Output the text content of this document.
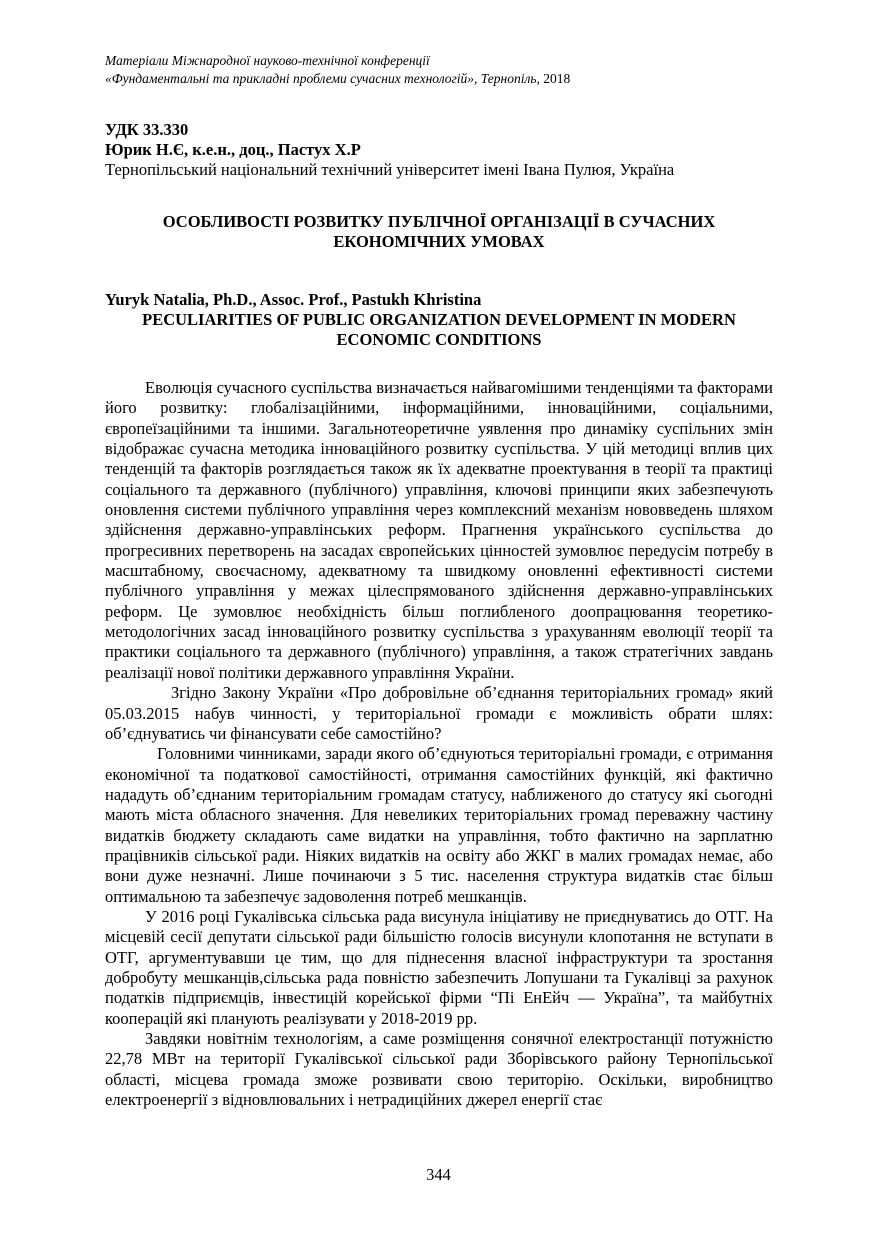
Матеріали Міжнародної науково-технічної конференції

«Фундаментальні та прикладні проблеми сучасних технологій», Тернопіль, 2018

УДК 33.330
Юрик Н.Є, к.е.н., доц., Пастух Х.Р
Тернопільський національний технічний університет імені Івана Пулюя, Україна
ОСОБЛИВОСТІ РОЗВИТКУ ПУБЛІЧНОЇ ОРГАНІЗАЦІЇ В СУЧАСНИХ ЕКОНОМІЧНИХ УМОВАХ
Yuryk Natalia, Ph.D., Assoc. Prof., Pastukh Khristina
PECULIARITIES OF PUBLIC ORGANIZATION DEVELOPMENT IN MODERN ECONOMIC CONDITIONS

Еволюція сучасного суспільства визначається найвагомішими тенденціями та факторами його розвитку: глобалізаційними, інформаційними, інноваційними, соціальними, європеїзаційними та іншими. Загальнотеоретичне уявлення про динаміку суспільних змін відображає сучасна методика інноваційного розвитку суспільства. У цій методиці вплив цих тенденцій та факторів розглядається також як їх адекватне проектування в теорії та практиці соціального та державного (публічного) управління, ключові принципи яких забезпечують оновлення системи публічного управління через комплексний механізм нововведень шляхом здійснення державно-управлінських реформ. Прагнення українського суспільства до прогресивних перетворень на засадах європейських цінностей зумовлює передусім потребу в масштабному, своєчасному, адекватному та швидкому оновленні ефективності системи публічного управління у межах цілеспрямованого здійснення державно-управлінських реформ. Це зумовлює необхідність більш поглибленого доопрацювання теоретико-методологічних засад інноваційного розвитку суспільства з урахуванням еволюції теорії та практики соціального та державного (публічного) управління, а також стратегічних завдань реалізації нової політики державного управління України.

Згідно Закону України «Про добровільне об’єднання територіальних громад» який 05.03.2015 набув чинності, у територіальної громади є можливість обрати шлях: об’єднуватись чи фінансувати себе самостійно?

Головними чинниками, заради якого об’єднуються територіальні громади, є отримання економічної та податкової самостійності, отримання самостійних функцій, які фактично нададуть об’єднаним територіальним громадам статусу, наближеного до статусу які сьогодні мають міста обласного значення. Для невеликих територіальних громад переважну частину видатків бюджету складають саме видатки на управління, тобто фактично на зарплатню працівників сільської ради. Ніяких видатків на освіту або ЖКГ в малих громадах немає, або вони дуже незначні. Лише починаючи з 5 тис. населення структура видатків стає більш оптимальною та забезпечує задоволення потреб мешканців.

У 2016 році Гукалівська сільська рада висунула ініціативу не приєднуватись до ОТГ. На місцевій сесії депутати сільської ради більшістю голосів висунули клопотання не вступати в ОТГ, аргументувавши це тим, що для піднесення власної інфраструктури та зростання добробуту мешканців,сільська рада повністю забезпечить Лопушани та Гукалівці за рахунок податків підприємців, інвестицій корейської фірми “Пі ЕнЕйч — Україна”, та майбутніх кооперацій які планують реалізувати у 2018-2019 рр.

Завдяки новітнім технологіям, а саме розміщення сонячної електростанції потужністю 22,78 МВт на території Гукалівської сільської ради Зборівського району Тернопільської області, місцева громада зможе розвивати свою територію. Оскільки, виробництво електроенергії з відновлювальних і нетрадиційних джерел енергії стає

344
